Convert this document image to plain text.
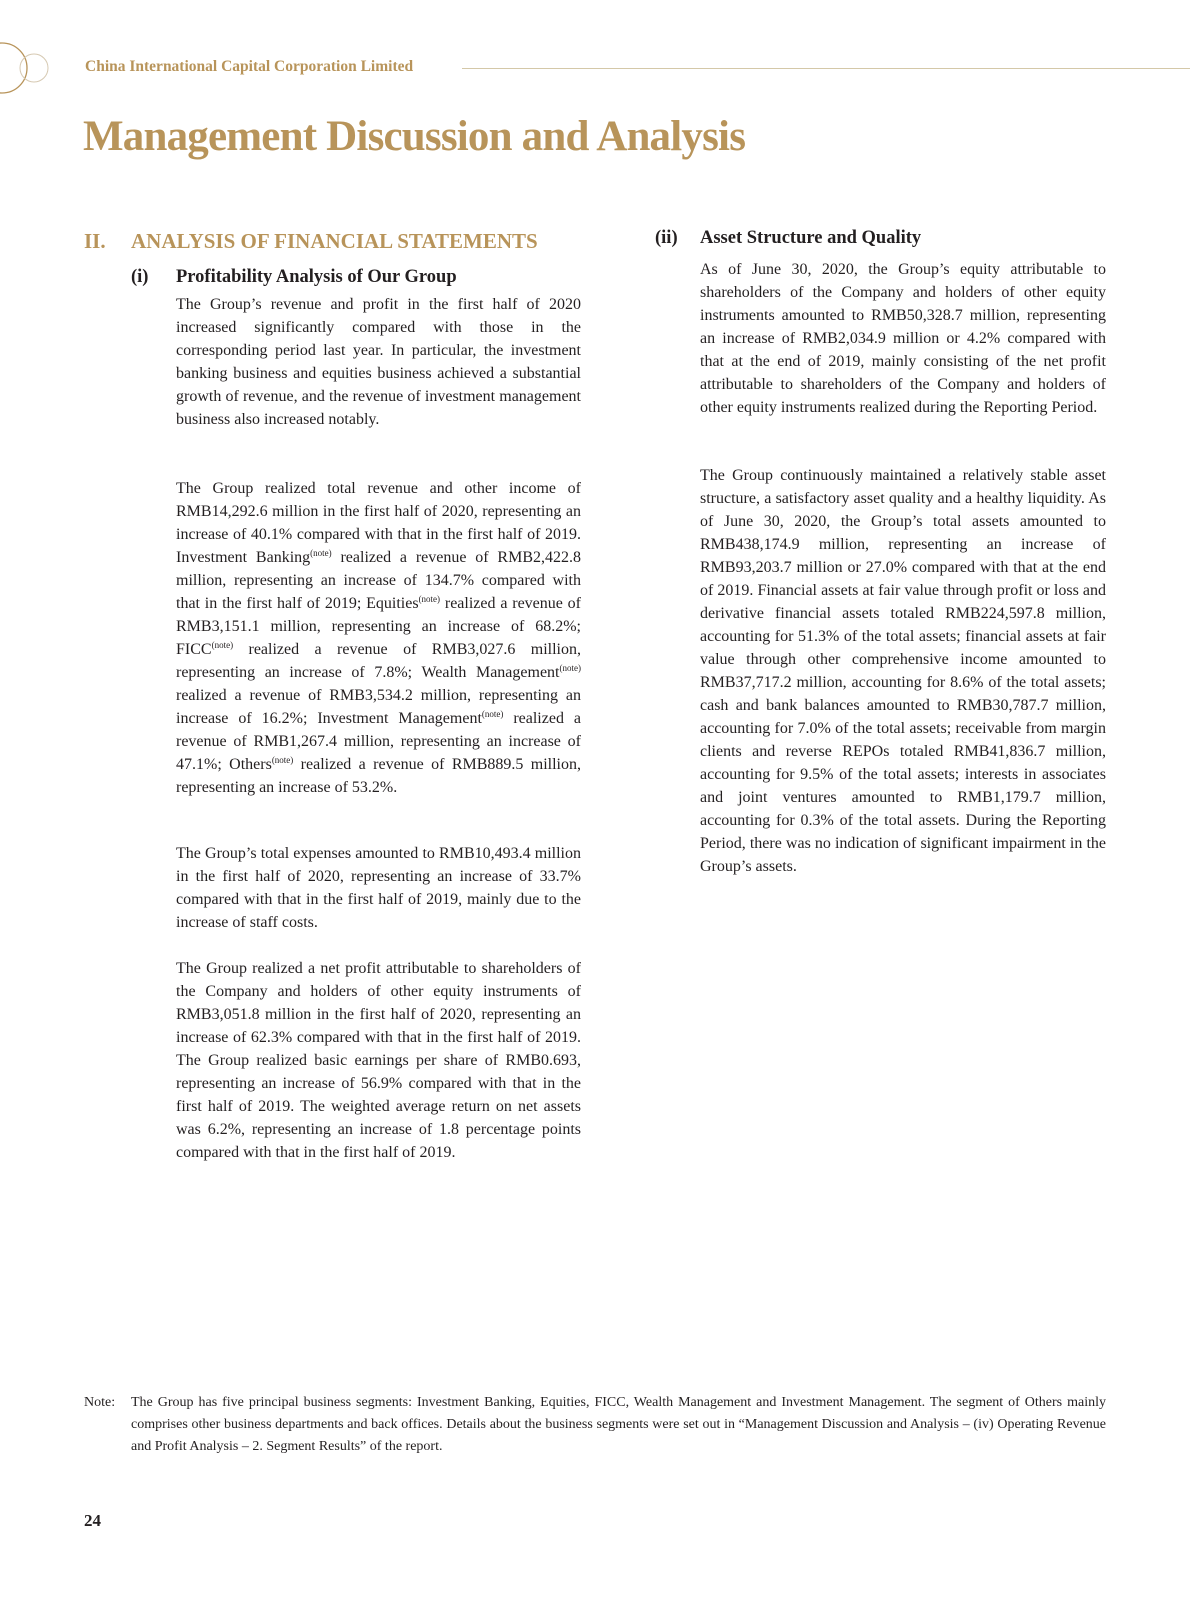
China International Capital Corporation Limited
Management Discussion and Analysis
II. ANALYSIS OF FINANCIAL STATEMENTS
(i) Profitability Analysis of Our Group

The Group’s revenue and profit in the first half of 2020 increased significantly compared with those in the corresponding period last year. In particular, the investment banking business and equities business achieved a substantial growth of revenue, and the revenue of investment management business also increased notably.

The Group realized total revenue and other income of RMB14,292.6 million in the first half of 2020, representing an increase of 40.1% compared with that in the first half of 2019. Investment Banking$^{(note)}$ realized a revenue of RMB2,422.8 million, representing an increase of 134.7% compared with that in the first half of 2019; Equities$^{(note)}$ realized a revenue of RMB3,151.1 million, representing an increase of 68.2%; $FICC^{(note)}$ realized a revenue of RMB3,027.6 million, representing an increase of 7.8%; Wealth Management$^{(note)}$ realized a revenue of RMB3,534.2 million, representing an increase of 16.2%; Investment Management$^{(note)}$ realized a revenue of RMB1,267.4 million, representing an increase of 47.1%; Others$^{(note)}$ realized a revenue of RMB889.5 million, representing an increase of 53.2%.

The Group’s total expenses amounted to RMB10,493.4 million in the first half of 2020, representing an increase of 33.7% compared with that in the first half of 2019, mainly due to the increase of staff costs.

The Group realized a net profit attributable to shareholders of the Company and holders of other equity instruments of RMB3,051.8 million in the first half of 2020, representing an increase of 62.3% compared with that in the first half of 2019. The Group realized basic earnings per share of RMB0.693, representing an increase of 56.9% compared with that in the first half of 2019. The weighted average return on net assets was 6.2%, representing an increase of 1.8 percentage points compared with that in the first half of 2019.

(ii) Asset Structure and Quality

As of June 30, 2020, the Group’s equity attributable to shareholders of the Company and holders of other equity instruments amounted to RMB50,328.7 million, representing an increase of RMB2,034.9 million or 4.2% compared with that at the end of 2019, mainly consisting of the net profit attributable to shareholders of the Company and holders of other equity instruments realized during the Reporting Period.

The Group continuously maintained a relatively stable asset structure, a satisfactory asset quality and a healthy liquidity. As of June 30, 2020, the Group’s total assets amounted to RMB438,174.9 million, representing an increase of RMB93,203.7 million or 27.0% compared with that at the end of 2019. Financial assets at fair value through profit or loss and derivative financial assets totaled RMB224,597.8 million, accounting for 51.3% of the total assets; financial assets at fair value through other comprehensive income amounted to RMB37,717.2 million, accounting for 8.6% of the total assets; cash and bank balances amounted to RMB30,787.7 million, accounting for 7.0% of the total assets; receivable from margin clients and reverse REPOs totaled RMB41,836.7 million, accounting for 9.5% of the total assets; interests in associates and joint ventures amounted to RMB1,179.7 million, accounting for 0.3% of the total assets. During the Reporting Period, there was no indication of significant impairment in the Group’s assets.

Note: The Group has five principal business segments: Investment Banking, Equities, FICC, Wealth Management and Investment Management. The segment of Others mainly comprises other business departments and back offices. Details about the business segments were set out in “Management Discussion and Analysis – (iv) Operating Revenue and Profit Analysis – 2. Segment Results” of the report.
24
